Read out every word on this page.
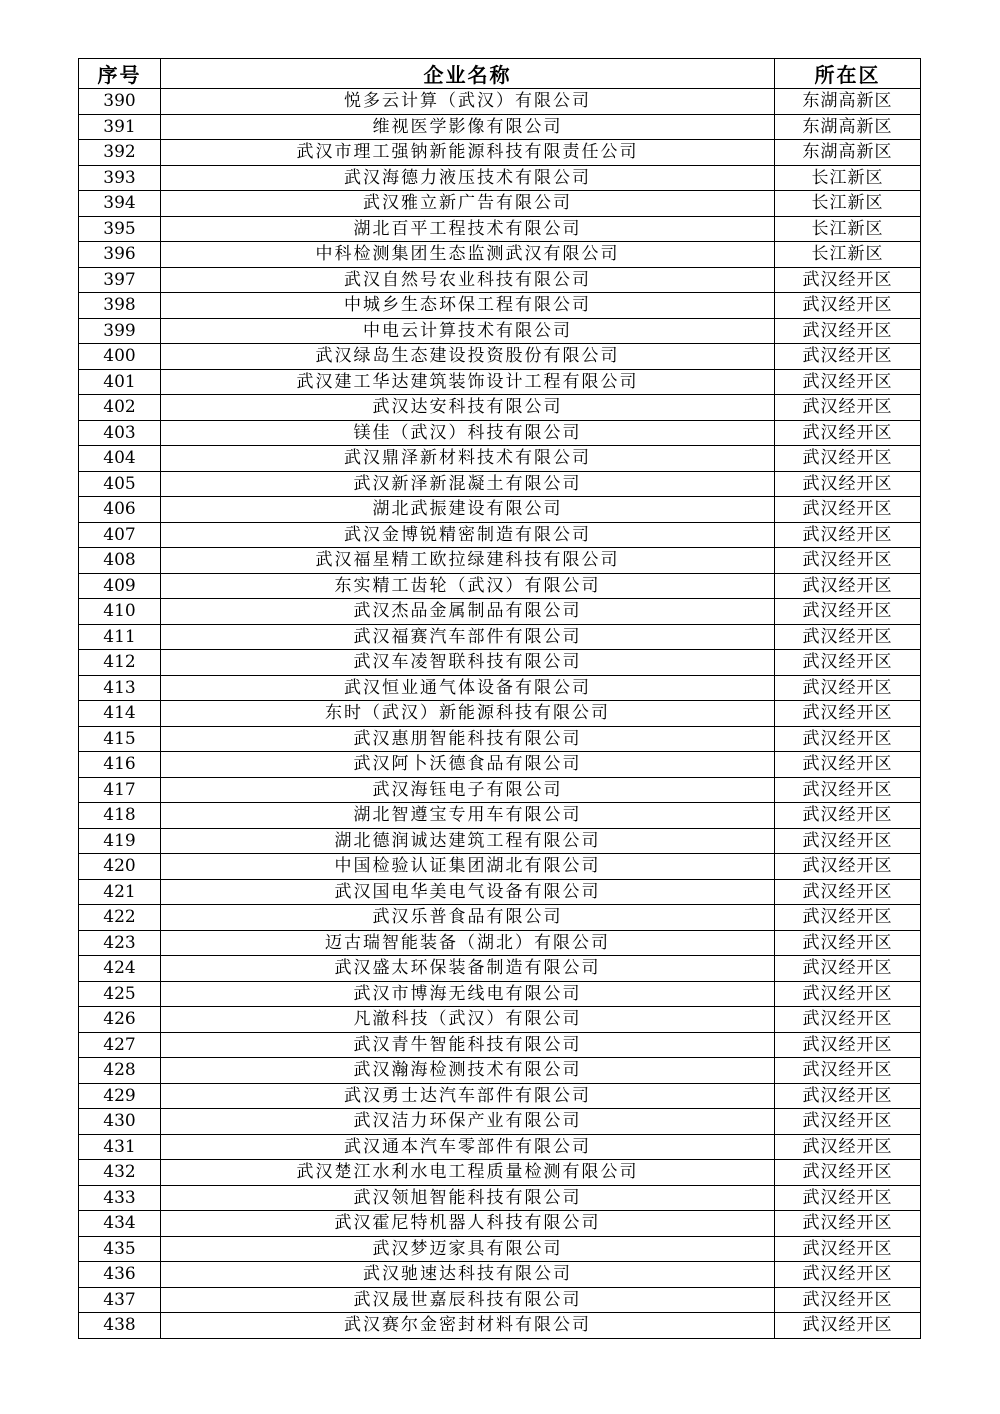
序号	企业名称	所在区
390	悦多云计算（武汉）有限公司	东湖高新区
391	维视医学影像有限公司	东湖高新区
392	武汉市理工强钠新能源科技有限责任公司	东湖高新区
393	武汉海德力液压技术有限公司	长江新区
394	武汉雅立新广告有限公司	长江新区
395	湖北百平工程技术有限公司	长江新区
396	中科检测集团生态监测武汉有限公司	长江新区
397	武汉自然号农业科技有限公司	武汉经开区
398	中城乡生态环保工程有限公司	武汉经开区
399	中电云计算技术有限公司	武汉经开区
400	武汉绿岛生态建设投资股份有限公司	武汉经开区
401	武汉建工华达建筑装饰设计工程有限公司	武汉经开区
402	武汉达安科技有限公司	武汉经开区
403	镁佳（武汉）科技有限公司	武汉经开区
404	武汉鼎泽新材料技术有限公司	武汉经开区
405	武汉新泽新混凝土有限公司	武汉经开区
406	湖北武振建设有限公司	武汉经开区
407	武汉金博锐精密制造有限公司	武汉经开区
408	武汉福星精工欧拉绿建科技有限公司	武汉经开区
409	东实精工齿轮（武汉）有限公司	武汉经开区
410	武汉杰品金属制品有限公司	武汉经开区
411	武汉福赛汽车部件有限公司	武汉经开区
412	武汉车凌智联科技有限公司	武汉经开区
413	武汉恒业通气体设备有限公司	武汉经开区
414	东时（武汉）新能源科技有限公司	武汉经开区
415	武汉惠朋智能科技有限公司	武汉经开区
416	武汉阿卜沃德食品有限公司	武汉经开区
417	武汉海钰电子有限公司	武汉经开区
418	湖北智遵宝专用车有限公司	武汉经开区
419	湖北德润诚达建筑工程有限公司	武汉经开区
420	中国检验认证集团湖北有限公司	武汉经开区
421	武汉国电华美电气设备有限公司	武汉经开区
422	武汉乐普食品有限公司	武汉经开区
423	迈古瑞智能装备（湖北）有限公司	武汉经开区
424	武汉盛太环保装备制造有限公司	武汉经开区
425	武汉市博海无线电有限公司	武汉经开区
426	凡澈科技（武汉）有限公司	武汉经开区
427	武汉青牛智能科技有限公司	武汉经开区
428	武汉瀚海检测技术有限公司	武汉经开区
429	武汉勇士达汽车部件有限公司	武汉经开区
430	武汉洁力环保产业有限公司	武汉经开区
431	武汉通本汽车零部件有限公司	武汉经开区
432	武汉楚江水利水电工程质量检测有限公司	武汉经开区
433	武汉领旭智能科技有限公司	武汉经开区
434	武汉霍尼特机器人科技有限公司	武汉经开区
435	武汉梦迈家具有限公司	武汉经开区
436	武汉驰速达科技有限公司	武汉经开区
437	武汉晟世嘉辰科技有限公司	武汉经开区
438	武汉赛尔金密封材料有限公司	武汉经开区
